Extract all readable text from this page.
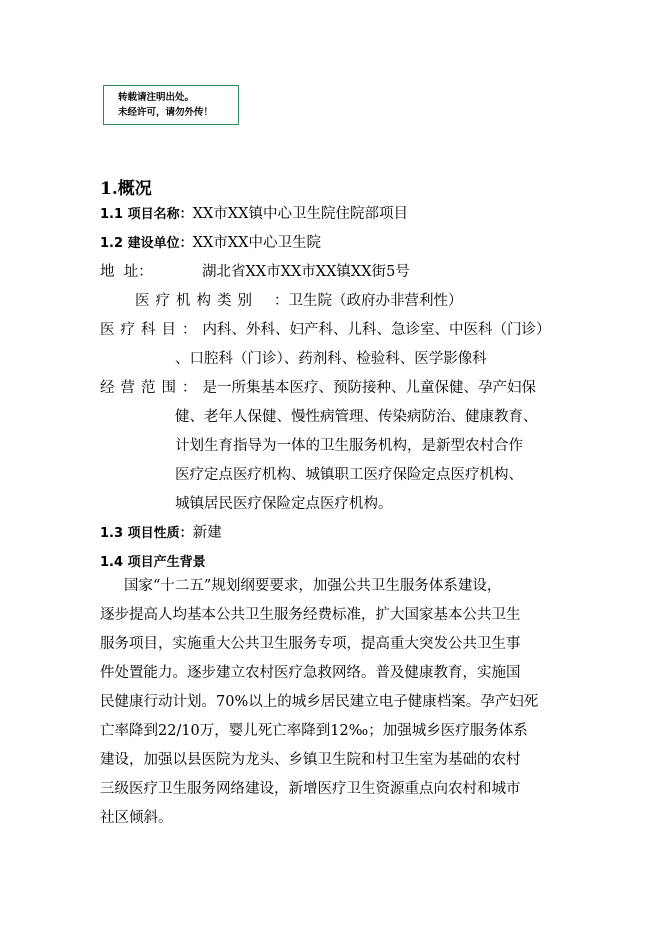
转载请注明出处。
未经许可，请勿外传！
1.概况
1.1 项目名称：XX市XX镇中心卫生院住院部项目
1.2 建设单位：XX市XX中心卫生院
地  址：	湖北省XX市XX市XX镇XX街5号
医疗机构类别 ：卫生院（政府办非营利性）
医疗科目：内科、外科、妇产科、儿科、急诊室、中医科（门诊）
、口腔科（门诊）、药剂科、检验科、医学影像科
经营范围：是一所集基本医疗、预防接种、儿童保健、孕产妇保
健、老年人保健、慢性病管理、传染病防治、健康教育、
计划生育指导为一体的卫生服务机构，是新型农村合作
医疗定点医疗机构、城镇职工医疗保险定点医疗机构、
城镇居民医疗保险定点医疗机构。
1.3 项目性质：新建
1.4 项目产生背景
国家“十二五”规划纲要要求，加强公共卫生服务体系建设，
逐步提高人均基本公共卫生服务经费标准，扩大国家基本公共卫生
服务项目，实施重大公共卫生服务专项，提高重大突发公共卫生事
件处置能力。逐步建立农村医疗急救网络。普及健康教育，实施国
民健康行动计划。70%以上的城乡居民建立电子健康档案。孕产妇死
亡率降到22/10万，婴儿死亡率降到12‰；加强城乡医疗服务体系
建设，加强以县医院为龙头、乡镇卫生院和村卫生室为基础的农村
三级医疗卫生服务网络建设，新增医疗卫生资源重点向农村和城市
社区倾斜。
